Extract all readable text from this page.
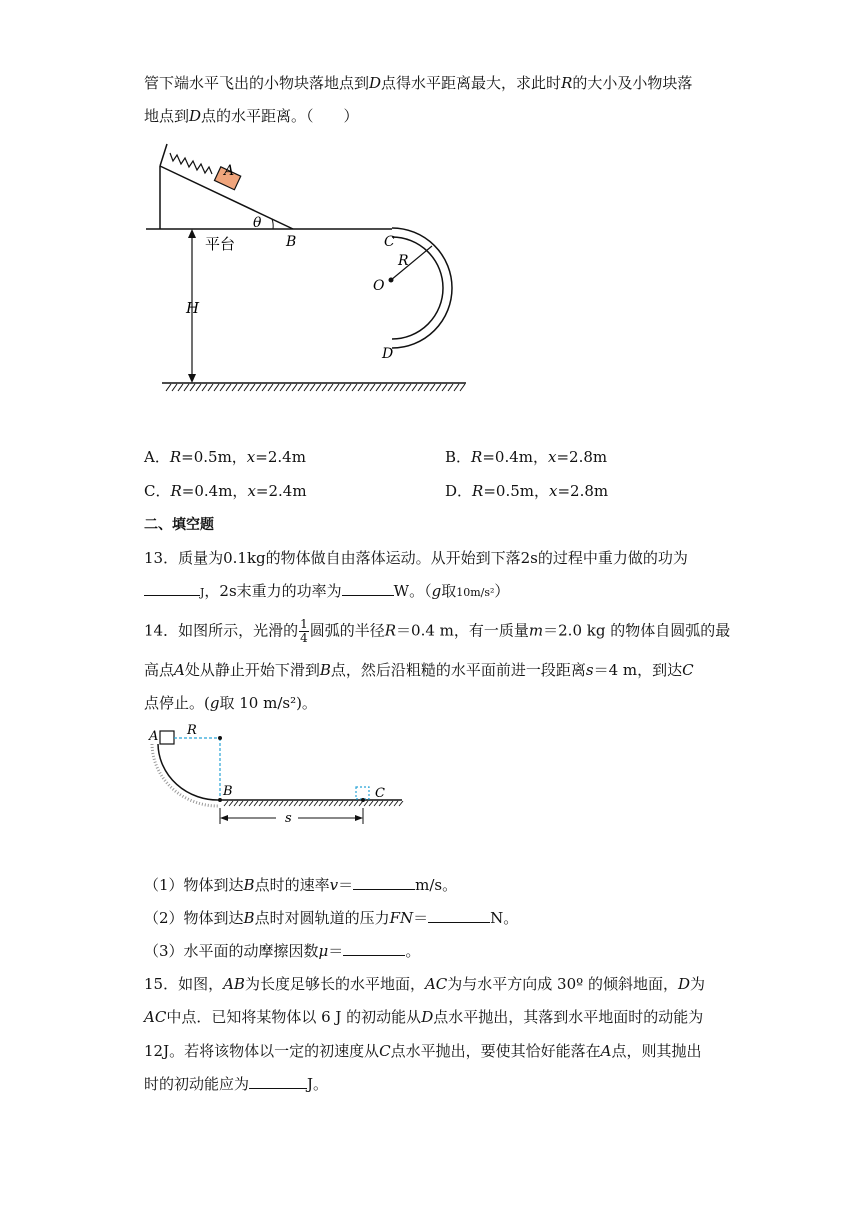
管下端水平飞出的小物块落地点到D点得水平距离最大，求此时R的大小及小物块落
地点到D点的水平距离。（　　）
A
θ
平台	B	C
R
O
D
H
A．R=0.5m，x=2.4m	B．R=0.4m，x=2.8m
C．R=0.4m，x=2.4m	D．R=0.5m，x=2.8m
二、填空题
13．质量为0.1kg的物体做自由落体运动。从开始到下落2s的过程中重力做的功为
J，2s末重力的功率为	W。（g取10m/s²）
14．如图所示，光滑的 $\frac{1}{4}$ 圆弧的半径R＝0.4 m，有一质量m＝2.0 kg 的物体自圆弧的最
高点A处从静止开始下滑到B点，然后沿粗糙的水平面前进一段距离s＝4 m，到达C
点停止。(g取 10 m/s²)。
A R
B	C
s
（1）物体到达B点时的速率v＝	m/s。
（2）物体到达B点时对圆轨道的压力FN＝	N。
（3）水平面的动摩擦因数μ＝	。
15．如图，AB为长度足够长的水平地面，AC为与水平方向成 30º 的倾斜地面，D为
AC中点．已知将某物体以 6 J 的初动能从D点水平抛出，其落到水平地面时的动能为
12J。若将该物体以一定的初速度从C点水平抛出，要使其恰好能落在A点，则其抛出
时的初动能应为	J。
